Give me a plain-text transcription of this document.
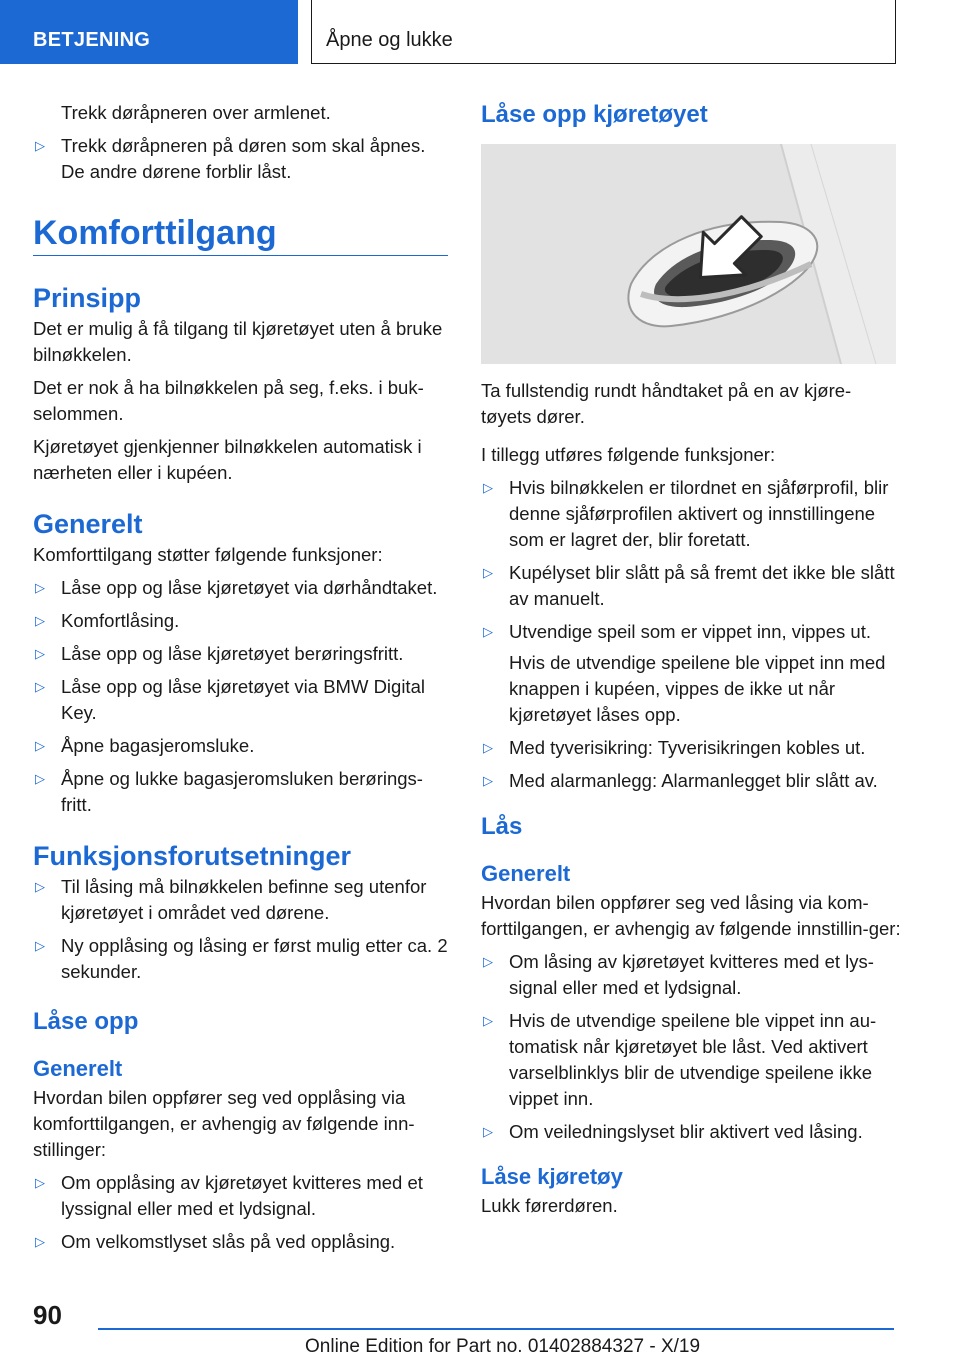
BETJENING	Åpne og lukke

Trekk døråpneren over armlenet.

▷ Trekk døråpneren på døren som skal åpnes. De andre dørene forblir låst.
Komforttilgang
Prinsipp

Det er mulig å få tilgang til kjøretøyet uten å bruke bilnøkkelen.

Det er nok å ha bilnøkkelen på seg, f.eks. i buk-selommen.

Kjøretøyet gjenkjenner bilnøkkelen automatisk i nærheten eller i kupéen.

Generelt

Komforttilgang støtter følgende funksjoner:

▷ Låse opp og låse kjøretøyet via dørhåndtaket.
▷ Komfortlåsing.
▷ Låse opp og låse kjøretøyet berøringsfritt.
▷ Låse opp og låse kjøretøyet via BMW Digital Key.
▷ Åpne bagasjeromsluke.
▷ Åpne og lukke bagasjeromsluken berørings-fritt.
Funksjonsforutsetninger
▷ Til låsing må bilnøkkelen befinne seg utenfor kjøretøyet i området ved dørene.
▷ Ny opplåsing og låsing er først mulig etter ca. 2 sekunder.
Låse opp
Generelt

Hvordan bilen oppfører seg ved opplåsing via komforttilgangen, er avhengig av følgende inn-stillinger:

▷ Om opplåsing av kjøretøyet kvitteres med et lyssignal eller med et lydsignal.
▷ Om velkomstlyset slås på ved opplåsing.
Låse opp kjøretøyet

Ta fullstendig rundt håndtaket på en av kjøre-tøyets dører.

I tillegg utføres følgende funksjoner:

▷ Hvis bilnøkkelen er tilordnet en sjåførprofil, blir denne sjåførprofilen aktivert og innstillingene som er lagret der, blir foretatt.
▷ Kupélyset blir slått på så fremt det ikke ble slått av manuelt.
▷ Utvendige speil som er vippet inn, vippes ut.

Hvis de utvendige speilene ble vippet inn med knappen i kupéen, vippes de ikke ut når kjøretøyet låses opp.

▷ Med tyverisikring: Tyverisikringen kobles ut.
▷ Med alarmanlegg: Alarmanlegget blir slått av.
Lås
Generelt

Hvordan bilen oppfører seg ved låsing via kom-forttilgangen, er avhengig av følgende innstillin-ger:

▷ Om låsing av kjøretøyet kvitteres med et lys-signal eller med et lydsignal.
▷ Hvis de utvendige speilene ble vippet inn au-tomatisk når kjøretøyet ble låst. Ved aktivert varselblinklys blir de utvendige speilene ikke vippet inn.
▷ Om veiledningslyset blir aktivert ved låsing.
Låse kjøretøy

Lukk førerdøren.

90
Online Edition for Part no. 01402884327 - X/19
